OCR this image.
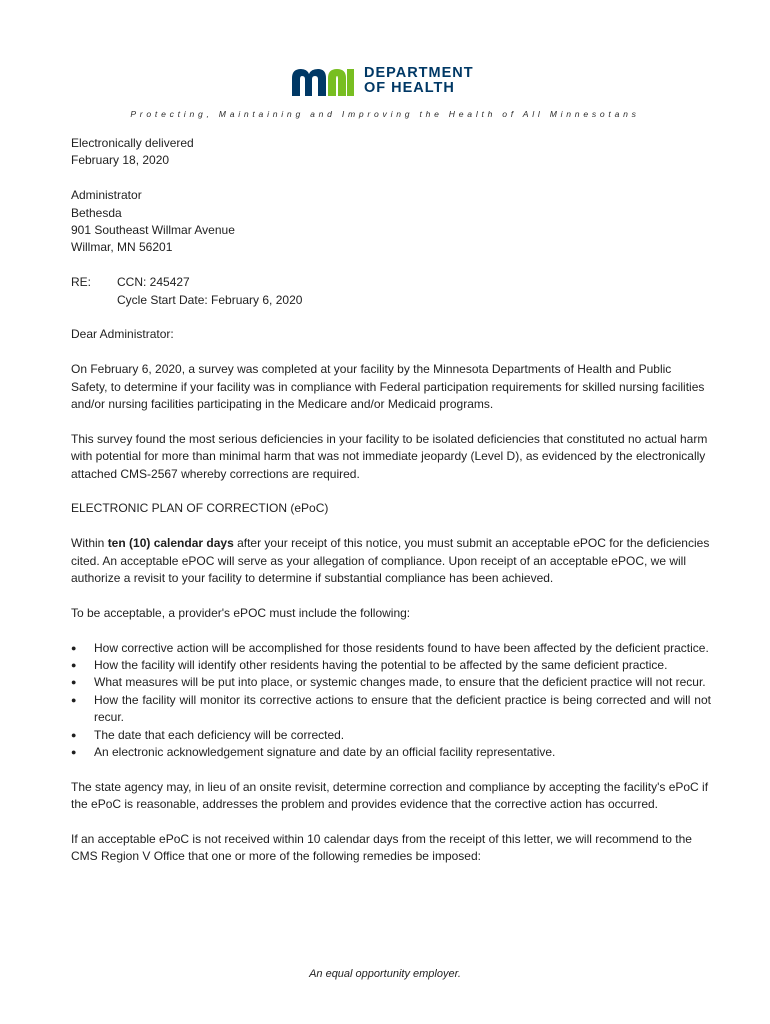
DEPARTMENT
OF HEALTH
Protecting, Maintaining and Improving the Health of All Minnesotans

Electronically delivered

February 18, 2020

Administrator

Bethesda

901 Southeast Willmar Avenue

Willmar, MN 56201

RE:	CCN: 245427
Cycle Start Date: February 6, 2020

Dear Administrator:

On February 6, 2020, a survey was completed at your facility by the Minnesota Departments of Health and Public Safety, to determine if your facility was in compliance with Federal participation requirements for skilled nursing facilities and/or nursing facilities participating in the Medicare and/or Medicaid programs.

This survey found the most serious deficiencies in your facility to be isolated deficiencies that constituted no actual harm with potential for more than minimal harm that was not immediate jeopardy (Level D), as evidenced by the electronically attached CMS-2567 whereby corrections are required.

ELECTRONIC PLAN OF CORRECTION (ePoC)

Within ten (10) calendar days after your receipt of this notice, you must submit an acceptable ePOC for the deficiencies cited. An acceptable ePOC will serve as your allegation of compliance. Upon receipt of an acceptable ePOC, we will authorize a revisit to your facility to determine if substantial compliance has been achieved.

To be acceptable, a provider's ePOC must include the following:

● How corrective action will be accomplished for those residents found to have been affected by the deficient practice.
● How the facility will identify other residents having the potential to be affected by the same deficient practice.
● What measures will be put into place, or systemic changes made, to ensure that the deficient practice will not recur.
● How the facility will monitor its corrective actions to ensure that the deficient practice is being corrected and will not recur.
● The date that each deficiency will be corrected.
● An electronic acknowledgement signature and date by an official facility representative.

The state agency may, in lieu of an onsite revisit, determine correction and compliance by accepting the facility's ePoC if the ePoC is reasonable, addresses the problem and provides evidence that the corrective action has occurred.

If an acceptable ePoC is not received within 10 calendar days from the receipt of this letter, we will recommend to the CMS Region V Office that one or more of the following remedies be imposed:

An equal opportunity employer.
